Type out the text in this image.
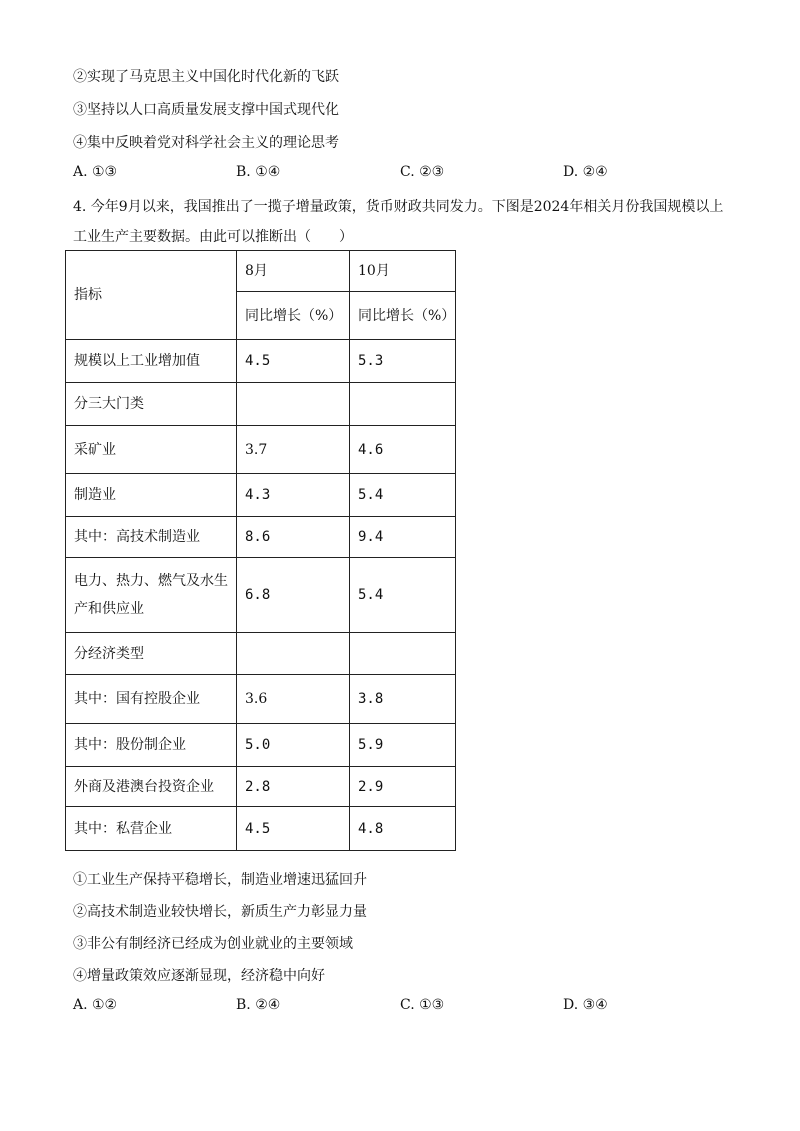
②实现了马克思主义中国化时代化新的飞跃
③坚持以人口高质量发展支撑中国式现代化
④集中反映着党对科学社会主义的理论思考
A. ①③	B. ①④	C. ②③	D. ②④
4. 今年9月以来，我国推出了一揽子增量政策，货币财政共同发力。下图是2024年相关月份我国规模以上
工业生产主要数据。由此可以推断出（　　）
指标	8月	10月
	同比增长（%）	同比增长（%）
规模以上工业增加值	4.5	5.3
分三大门类		
采矿业	3.7	4.6
制造业	4.3	5.4
其中：高技术制造业	8.6	9.4

电力、热力、燃气及水生
产和供应业	6.8	5.4
分经济类型		
其中：国有控股企业	3.6	3.8
其中：股份制企业	5.0	5.9
外商及港澳台投资企业	2.8	2.9
其中：私营企业	4.5	4.8
①工业生产保持平稳增长，制造业增速迅猛回升
②高技术制造业较快增长，新质生产力彰显力量
③非公有制经济已经成为创业就业的主要领域
④增量政策效应逐渐显现，经济稳中向好
A. ①②	B. ②④	C. ①③	D. ③④
